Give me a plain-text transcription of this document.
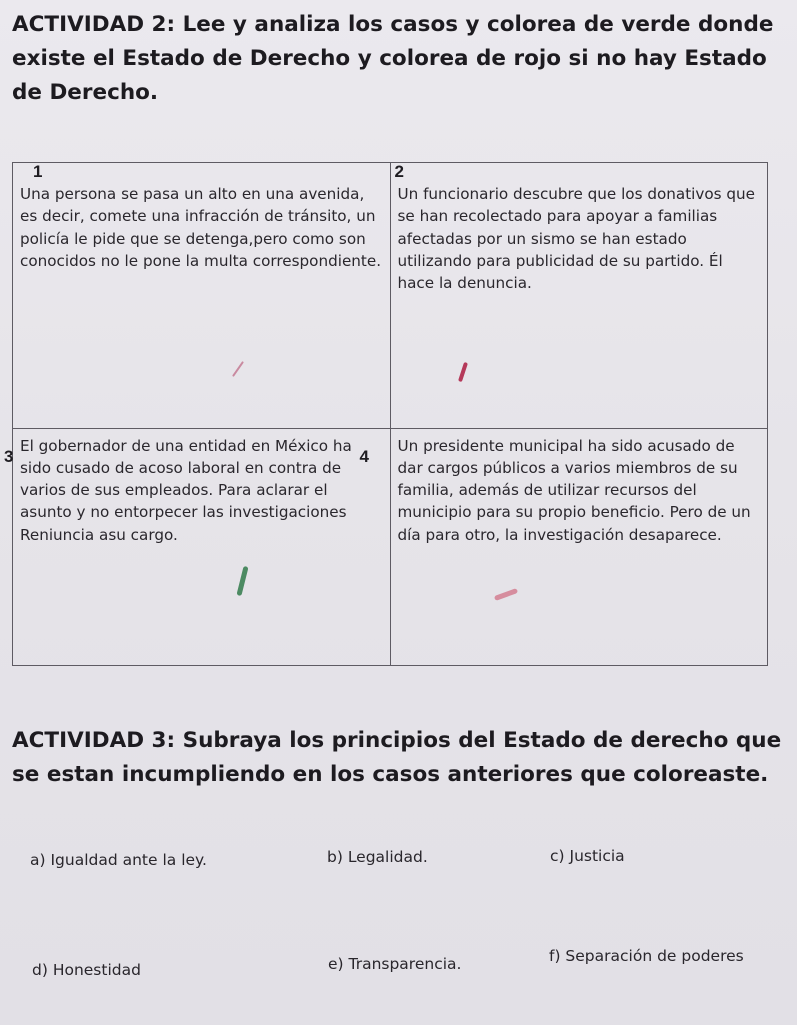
ACTIVIDAD 2: Lee y analiza los casos y colorea de verde donde existe el Estado de Derecho y colorea de rojo si no hay Estado de Derecho.

1
Una persona se pasa un alto en una avenida, es decir, comete una infracción de tránsito, un policía le pide que se detenga,pero como son conocidos no le pone la multa correspondiente.	2
Un funcionario descubre que los donativos que se han recolectado para apoyar a familias afectadas por un sismo se han estado utilizando para publicidad de su partido. Él hace la denuncia.

3
El gobernador de una entidad en México ha sido cusado de acoso laboral en contra de varios de sus empleados. Para aclarar el asunto y no entorpecer las investigaciones Reniuncia asu cargo.	4
Un presidente municipal ha sido acusado de dar cargos públicos a varios miembros de su familia, además de utilizar recursos del municipio para su propio beneficio. Pero de un día para otro, la investigación desaparece.

ACTIVIDAD 3: Subraya los principios del Estado de derecho que se estan incumpliendo en los casos anteriores que coloreaste.

a) Igualdad ante la ley.	b) Legalidad.	c) Justicia
d) Honestidad	e) Transparencia.	f) Separación de poderes
